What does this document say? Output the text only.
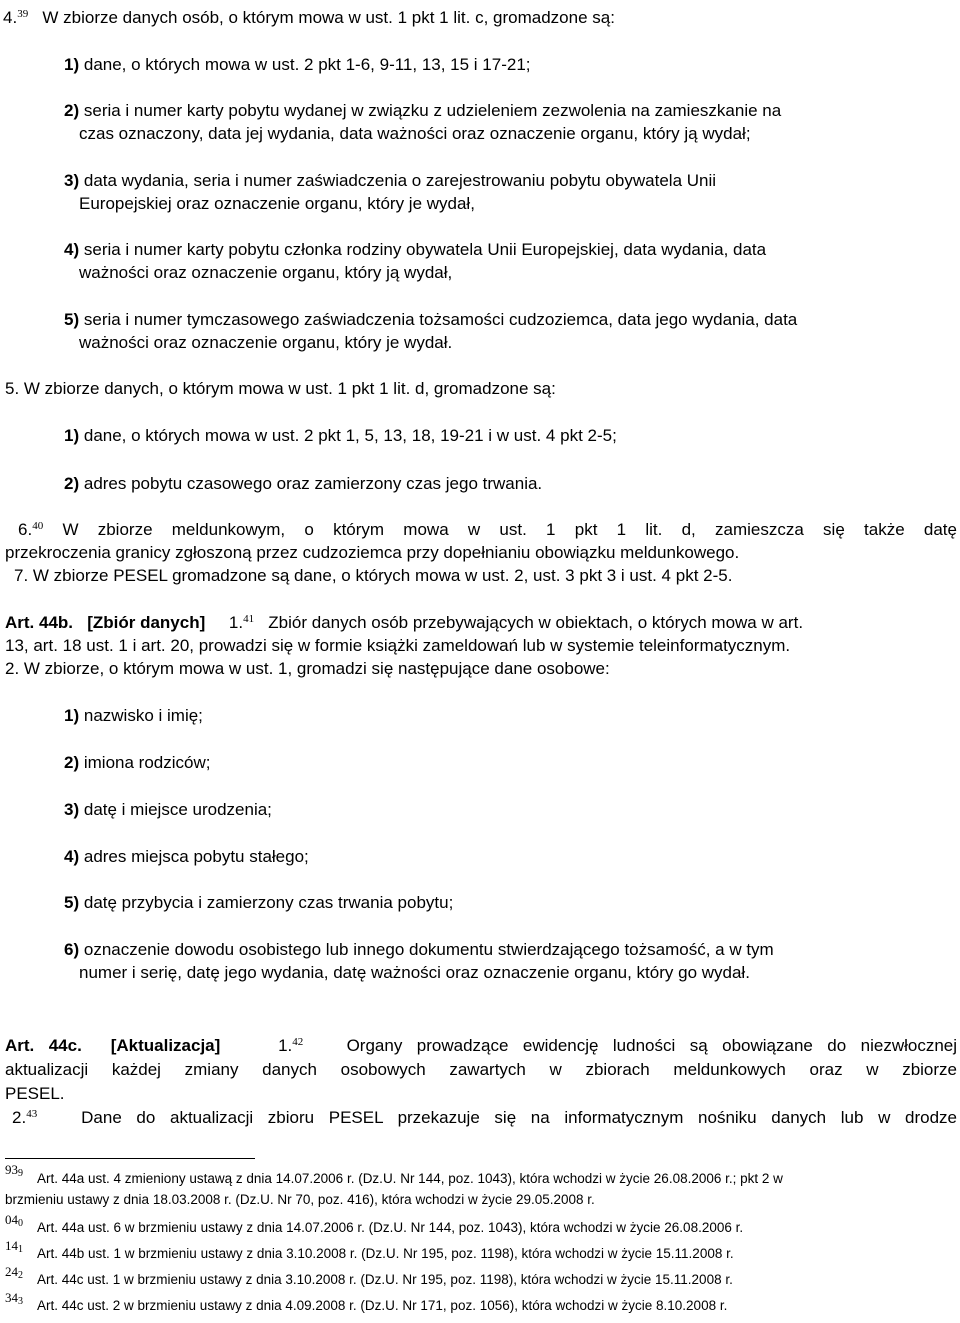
4.39 W zbiorze danych osób, o którym mowa w ust. 1 pkt 1 lit. c, gromadzone są:
1) dane, o których mowa w ust. 2 pkt 1-6, 9-11, 13, 15 i 17-21;
2) seria i numer karty pobytu wydanej w związku z udzieleniem zezwolenia na zamieszkanie na
czas oznaczony, data jej wydania, data ważności oraz oznaczenie organu, który ją wydał;
3) data wydania, seria i numer zaświadczenia o zarejestrowaniu pobytu obywatela Unii
Europejskiej oraz oznaczenie organu, który je wydał,
4) seria i numer karty pobytu członka rodziny obywatela Unii Europejskiej, data wydania, data
ważności oraz oznaczenie organu, który ją wydał,
5) seria i numer tymczasowego zaświadczenia tożsamości cudzoziemca, data jego wydania, data
ważności oraz oznaczenie organu, który je wydał.
5. W zbiorze danych, o którym mowa w ust. 1 pkt 1 lit. d, gromadzone są:
1) dane, o których mowa w ust. 2 pkt 1, 5, 13, 18, 19-21 i w ust. 4 pkt 2-5;
2) adres pobytu czasowego oraz zamierzony czas jego trwania.
6.40 W zbiorze meldunkowym, o którym mowa w ust. 1 pkt 1 lit. d, zamieszcza się także datę
przekroczenia granicy zgłoszoną przez cudzoziemca przy dopełnianiu obowiązku meldunkowego.
7. W zbiorze PESEL gromadzone są dane, o których mowa w ust. 2, ust. 3 pkt 3 i ust. 4 pkt 2-5.
Art. 44b. [Zbiór danych] 1.41 Zbiór danych osób przebywających w obiektach, o których mowa w art.
13, art. 18 ust. 1 i art. 20, prowadzi się w formie książki zameldowań lub w systemie teleinformatycznym.
2. W zbiorze, o którym mowa w ust. 1, gromadzi się następujące dane osobowe:
1) nazwisko i imię;
2) imiona rodziców;
3) datę i miejsce urodzenia;
4) adres miejsca pobytu stałego;
5) datę przybycia i zamierzony czas trwania pobytu;
6) oznaczenie dowodu osobistego lub innego dokumentu stwierdzającego tożsamość, a w tym
numer i serię, datę jego wydania, datę ważności oraz oznaczenie organu, który go wydał.
Art. 44c. [Aktualizacja]	1.42	Organy prowadzące ewidencję ludności są obowiązane do niezwłocznej
aktualizacji każdej zmiany danych osobowych zawartych w zbiorach meldunkowych oraz w zbiorze
PESEL.
2.43	Dane do aktualizacji zbioru PESEL przekazuje się na informatycznym nośniku danych lub w drodze
$93_9$ Art. 44a ust. 4 zmieniony ustawą z dnia 14.07.2006 r. (Dz.U. Nr 144, poz. 1043), która wchodzi w życie 26.08.2006 r.; pkt 2 w
brzmieniu ustawy z dnia 18.03.2008 r. (Dz.U. Nr 70, poz. 416), która wchodzi w życie 29.05.2008 r.
$04_0$ Art. 44a ust. 6 w brzmieniu ustawy z dnia 14.07.2006 r. (Dz.U. Nr 144, poz. 1043), która wchodzi w życie 26.08.2006 r.
$14_1$ Art. 44b ust. 1 w brzmieniu ustawy z dnia 3.10.2008 r. (Dz.U. Nr 195, poz. 1198), która wchodzi w życie 15.11.2008 r.
$24_2$ Art. 44c ust. 1 w brzmieniu ustawy z dnia 3.10.2008 r. (Dz.U. Nr 195, poz. 1198), która wchodzi w życie 15.11.2008 r.
$34_3$ Art. 44c ust. 2 w brzmieniu ustawy z dnia 4.09.2008 r. (Dz.U. Nr 171, poz. 1056), która wchodzi w życie 8.10.2008 r.
